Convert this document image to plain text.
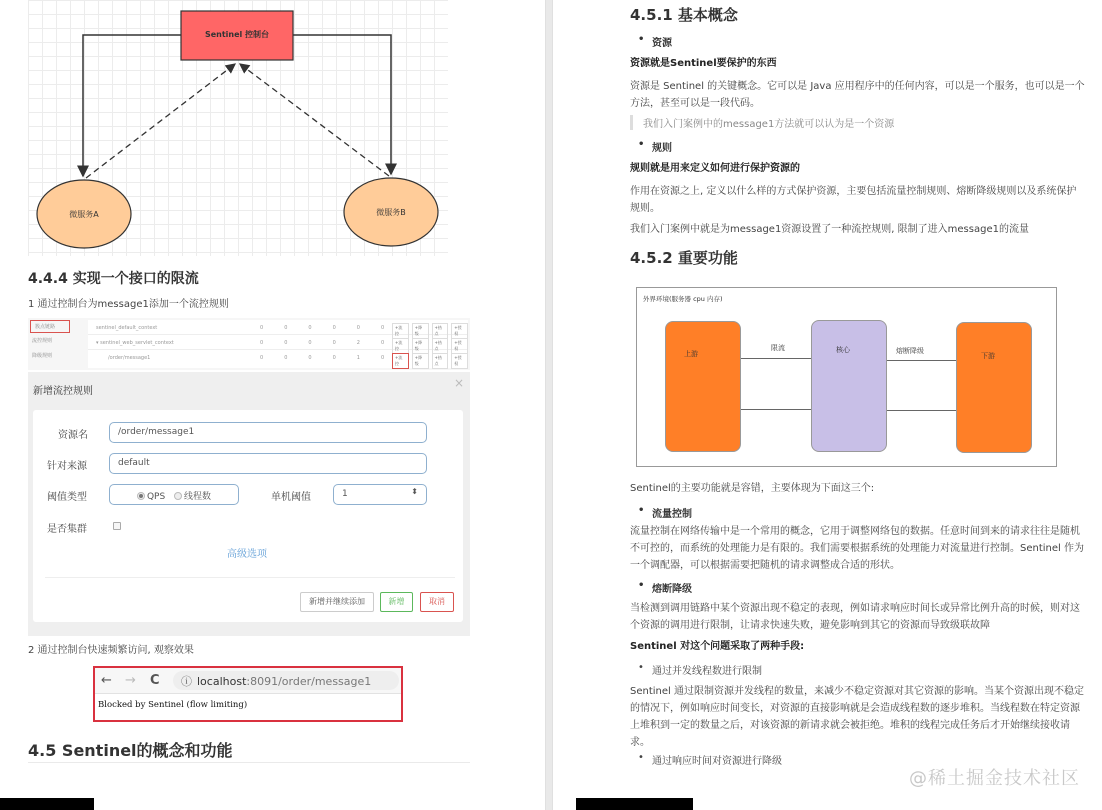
Sentinel 控制台
微服务A	微服务B
4.4.4 实现一个接口的限流
1 通过控制台为message1添加一个流控规则
簇点链路
流控规则
降级规则
sentinel_default_context	0	0	0	0	0	0	+流控
+降级
+热点
+授权
▾ sentinel_web_servlet_context	0	0	0	0	2	0	+流控
+降级
+热点
+授权
/order/message1	0	0	0	0	1	0	+流控
+降级
+热点
+授权
新增流控规则
×
资源名	/order/message1
针对来源	default
阈值类型	QPS 线程数	单机阈值	1	⬍
是否集群
高级选项
新增并继续添加	新增	取消
2 通过控制台快速频繁访问, 观察效果
← → C	ⓘ localhost:8091/order/message1
Blocked by Sentinel (flow limiting)
4.5 Sentinel的概念和功能
4.5.1 基本概念
• 资源
资源就是Sentinel要保护的东西
资源是 Sentinel 的关键概念。它可以是 Java 应用程序中的任何内容，可以是一个服务，也可以是一个
方法，甚至可以是一段代码。
我们入门案例中的message1方法就可以认为是一个资源
• 规则
规则就是用来定义如何进行保护资源的
作用在资源之上, 定义以什么样的方式保护资源，主要包括流量控制规则、熔断降级规则以及系统保护
规则。
我们入门案例中就是为message1资源设置了一种流控规则, 限制了进入message1的流量
4.5.2 重要功能
外界环境(服务器 cpu 内存)
上游	核心
下游
限流	熔断降级
Sentinel的主要功能就是容错，主要体现为下面这三个:
• 流量控制
流量控制在网络传输中是一个常用的概念，它用于调整网络包的数据。任意时间到来的请求往往是随机
不可控的，而系统的处理能力是有限的。我们需要根据系统的处理能力对流量进行控制。Sentinel 作为
一个调配器，可以根据需要把随机的请求调整成合适的形状。
• 熔断降级
当检测到调用链路中某个资源出现不稳定的表现，例如请求响应时间长或异常比例升高的时候，则对这
个资源的调用进行限制，让请求快速失败，避免影响到其它的资源而导致级联故障
Sentinel 对这个问题采取了两种手段:
• 通过并发线程数进行限制
Sentinel 通过限制资源并发线程的数量，来减少不稳定资源对其它资源的影响。当某个资源出现不稳定
的情况下，例如响应时间变长，对资源的直接影响就是会造成线程数的逐步堆积。当线程数在特定资源
上堆积到一定的数量之后，对该资源的新请求就会被拒绝。堆积的线程完成任务后才开始继续接收请
求。
• 通过响应时间对资源进行降级
@稀土掘金技术社区
